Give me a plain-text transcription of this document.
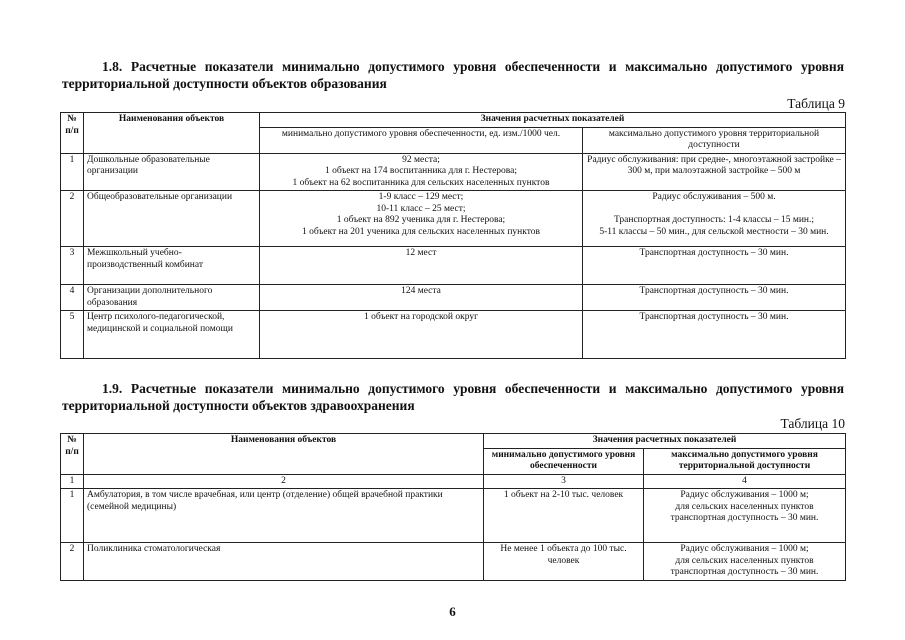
1.8. Расчетные показатели минимально допустимого уровня обеспеченности и максимально допустимого уровня территориальной доступности объектов образования

Таблица 9
№
п/п	Наименования объектов	Значения расчетных показателей	
		минимально допустимого уровня обеспеченности, ед. изм./1000 чел.	максимально допустимого уровня территориальной доступности
1	Дошкольные образовательные организации	92 места;
1 объект на 174 воспитанника для г. Нестерова;
1 объект на 62 воспитанника для сельских населенных пунктов	Радиус обслуживания: при средне-, многоэтажной застройке – 300 м, при малоэтажной застройке – 500 м
2	Общеобразовательные организации	1-9 класс – 129 мест;
10-11 класс – 25 мест;
1 объект на 892 ученика для г. Нестерова;
1 объект на 201 ученика для сельских населенных пунктов	Радиус обслуживания – 500 м.

Транспортная доступность: 1-4 классы – 15 мин.;
5-11 классы – 50 мин., для сельской местности – 30 мин.
3	Межшкольный учебно-производственный комбинат	12 мест	Транспортная доступность – 30 мин.
4	Организации дополнительного образования	124 места	Транспортная доступность – 30 мин.
5	Центр психолого-педагогической, медицинской и социальной помощи	1 объект на городской округ	Транспортная доступность – 30 мин.

1.9. Расчетные показатели минимально допустимого уровня обеспеченности и максимально допустимого уровня территориальной доступности объектов здравоохранения

Таблица 10
№
п/п	Наименования объектов	Значения расчетных показателей	
		минимально допустимого уровня обеспеченности	максимально допустимого уровня территориальной доступности
1	2	3	4
1	Амбулатория, в том числе врачебная, или центр (отделение) общей врачебной практики (семейной медицины)	1 объект на 2-10 тыс. человек	Радиус обслуживания – 1000 м;
для сельских населенных пунктов транспортная доступность – 30 мин.
2	Поликлиника стоматологическая	Не менее 1 объекта до 100 тыс. человек	Радиус обслуживания – 1000 м;
для сельских населенных пунктов транспортная доступность – 30 мин.
6
